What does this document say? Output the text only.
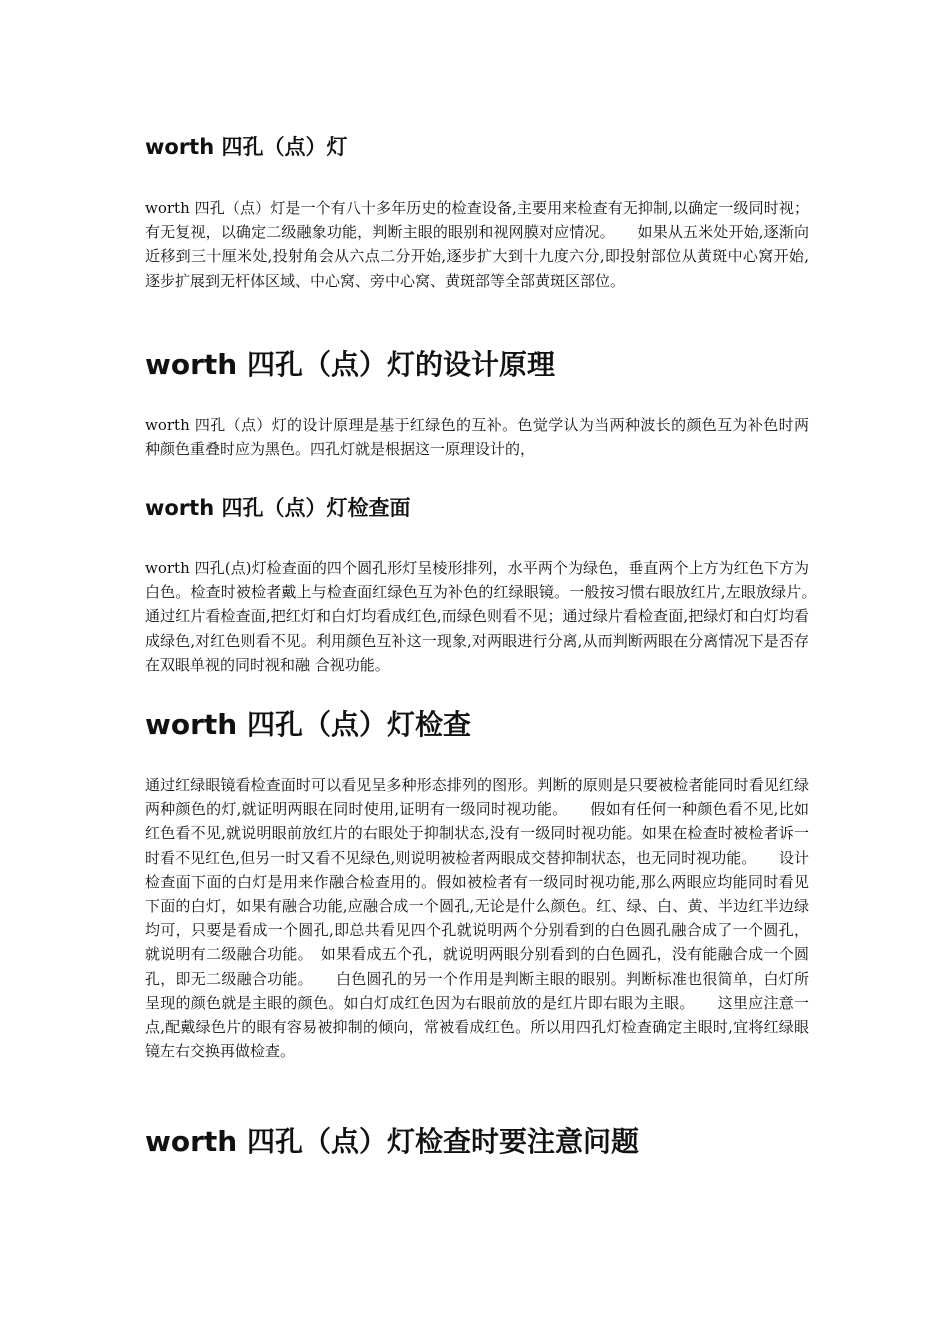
worth 四孔（点）灯

worth 四孔（点）灯是一个有八十多年历史的检查设备,主要用来检查有无抑制,以确定一级同时视；有无复视，以确定二级融象功能，判断主眼的眼别和视网膜对应情况。　　如果从五米处开始,逐渐向近移到三十厘米处,投射角会从六点二分开始,逐步扩大到十九度六分,即投射部位从黄斑中心窝开始,逐步扩展到无杆体区域、中心窝、旁中心窝、黄斑部等全部黄斑区部位。

worth 四孔（点）灯的设计原理

worth 四孔（点）灯的设计原理是基于红绿色的互补。色觉学认为当两种波长的颜色互为补色时两种颜色重叠时应为黑色。四孔灯就是根据这一原理设计的，

worth 四孔（点）灯检查面

worth 四孔(点)灯检查面的四个圆孔形灯呈棱形排列，水平两个为绿色，垂直两个上方为红色下方为白色。检查时被检者戴上与检查面红绿色互为补色的红绿眼镜。一般按习惯右眼放红片,左眼放绿片。　　通过红片看检查面,把红灯和白灯均看成红色,而绿色则看不见；通过绿片看检查面,把绿灯和白灯均看成绿色,对红色则看不见。利用颜色互补这一现象,对两眼进行分离,从而判断两眼在分离情况下是否存在双眼单视的同时视和融 合视功能。

worth 四孔（点）灯检查

通过红绿眼镜看检查面时可以看见呈多种形态排列的图形。判断的原则是只要被检者能同时看见红绿两种颜色的灯,就证明两眼在同时使用,证明有一级同时视功能。　　假如有任何一种颜色看不见,比如红色看不见,就说明眼前放红片的右眼处于抑制状态,没有一级同时视功能。如果在检查时被检者诉一时看不见红色,但另一时又看不见绿色,则说明被检者两眼成交替抑制状态，也无同时视功能。　　设计检查面下面的白灯是用来作融合检查用的。假如被检者有一级同时视功能,那么两眼应均能同时看见下面的白灯，如果有融合功能,应融合成一个圆孔,无论是什么颜色。红、绿、白、黄、半边红半边绿均可，只要是看成一个圆孔,即总共看见四个孔就说明两个分别看到的白色圆孔融合成了一个圆孔，就说明有二级融合功能。　如果看成五个孔，就说明两眼分别看到的白色圆孔，没有能融合成一个圆孔，即无二级融合功能。　　白色圆孔的另一个作用是判断主眼的眼别。判断标准也很简单，白灯所呈现的颜色就是主眼的颜色。如白灯成红色因为右眼前放的是红片即右眼为主眼。　　这里应注意一点,配戴绿色片的眼有容易被抑制的倾向，常被看成红色。所以用四孔灯检查确定主眼时,宜将红绿眼镜左右交换再做检查。

worth 四孔（点）灯检查时要注意问题
